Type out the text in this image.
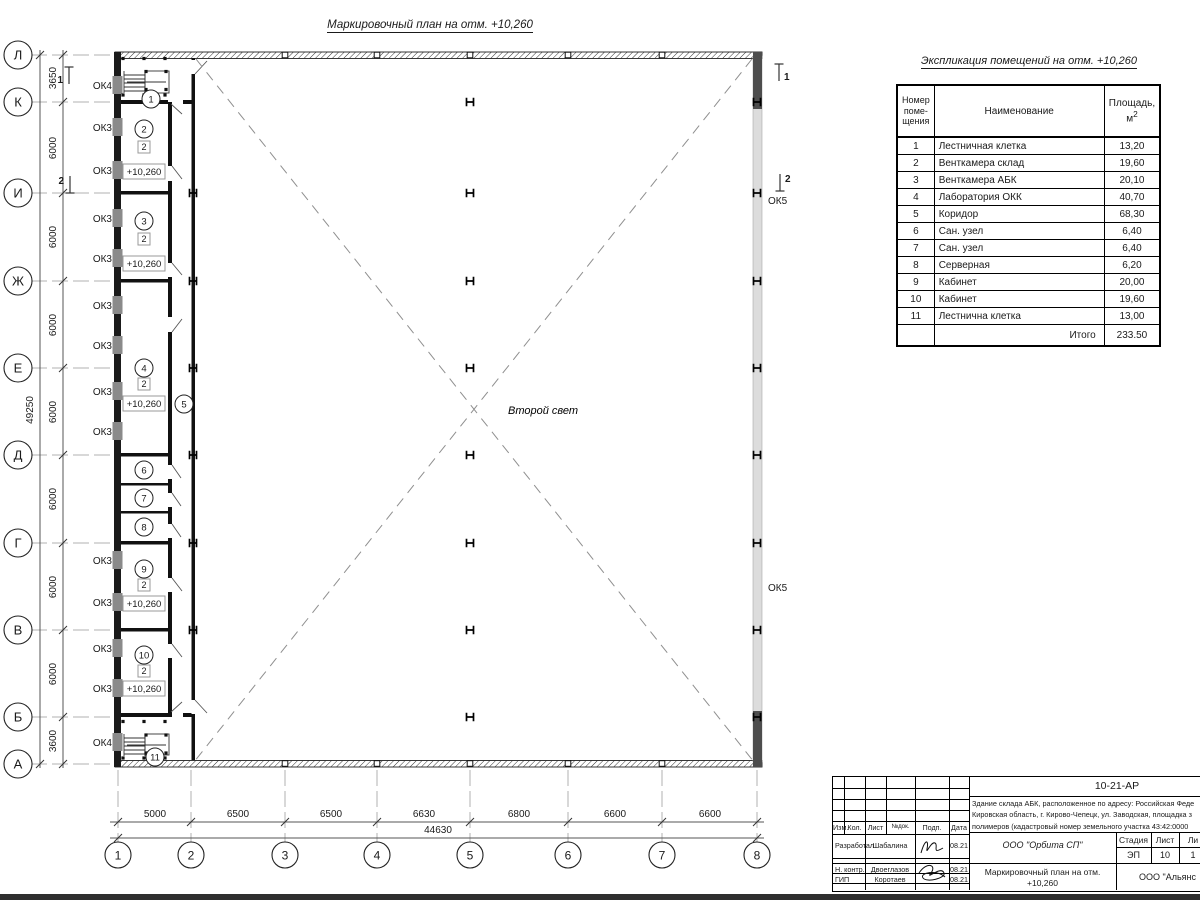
Маркировочный план на отм. +10,260
3650
6000
6000
6000
6000
6000
6000
6000
3600
49250
5000	6500	6500	6630	6800	6600	6600
44630
Л
К
И
Ж
Е
Д
Г
В
Б
А
1	2	3	4	5	6	7	8
Второй свет
ОК4
ОК3
ОК3
ОК3
ОК3
ОК3
ОК3
ОК3
ОК3
ОК3
ОК3
ОК3
ОК3
ОК4
ОК5
ОК5
1
2
1
2
1
2
3
4
5
6
7
8
9
10
11
2
2
2
2
2
+10,260
+10,260
+10,260
+10,260
+10,260
Экспликация помещений на отм. +10,260
Номер поме- щения	Наименование	Площадь,
$м^2$
1	Лестничная клетка	13,20
2	Венткамера склад	19,60
3	Венткамера АБК	20,10
4	Лаборатория ОКК	40,70
5	Коридор	68,30
6	Сан. узел	6,40
7	Сан. узел	6,40
8	Серверная	6,20
9	Кабинет	20,00
10	Кабинет	19,60
11	Лестнична клетка	13,00
	Итого	233.50
Изм.
Кол. Лист	№док.	Подп.	Дата
Разработал
Шабалина	08.21
Н. контр. Двоеглазов	08.21
ГИП	Коротаев	08.21
10-21-АР
Здание склада АБК, расположенное по адресу: Российская Феде
Кировская область, г. Кирово-Чепецк, ул. Заводская, площадка з
полимеров (кадастровый номер земельного участка 43:42:0000
ООО "Орбита СП"	Стадия Лист	Ли
ЭП	10	1
Маркировочный план на отм.
+10,260
ООО "Альянс
